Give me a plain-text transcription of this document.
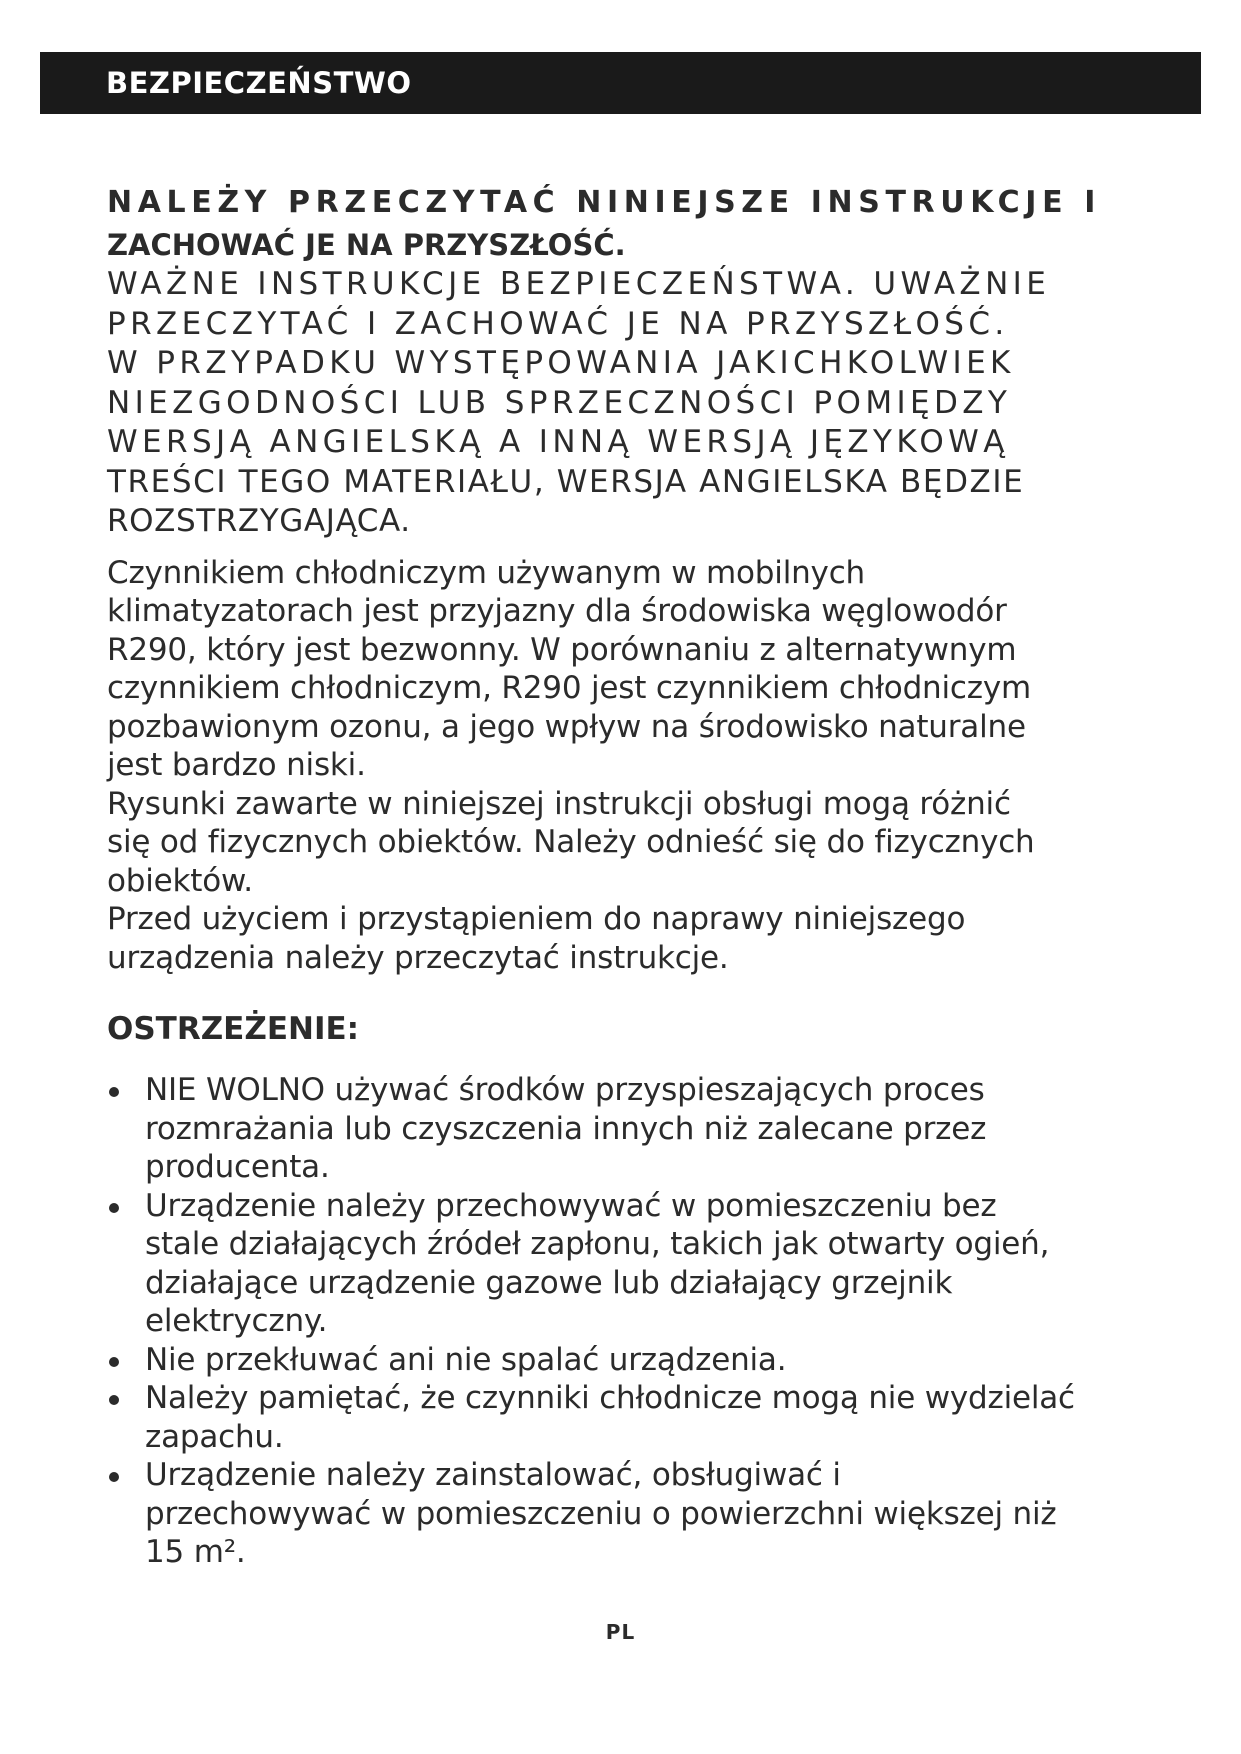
BEZPIECZEŃSTWO

NALEŻY PRZECZYTAĆ NINIEJSZE INSTRUKCJE I

ZACHOWAĆ JE NA PRZYSZŁOŚĆ.

WAŻNE INSTRUKCJE BEZPIECZEŃSTWA. UWAŻNIE
PRZECZYTAĆ I ZACHOWAĆ JE NA PRZYSZŁOŚĆ.
W PRZYPADKU WYSTĘPOWANIA JAKICHKOLWIEK
NIEZGODNOŚCI LUB SPRZECZNOŚCI POMIĘDZY
WERSJĄ ANGIELSKĄ A INNĄ WERSJĄ JĘZYKOWĄ
TREŚCI TEGO MATERIAŁU, WERSJA ANGIELSKA BĘDZIE
ROZSTRZYGAJĄCA.
Czynnikiem chłodniczym używanym w mobilnych
klimatyzatorach jest przyjazny dla środowiska węglowodór
R290, który jest bezwonny. W porównaniu z alternatywnym
czynnikiem chłodniczym, R290 jest czynnikiem chłodniczym
pozbawionym ozonu, a jego wpływ na środowisko naturalne
jest bardzo niski.
Rysunki zawarte w niniejszej instrukcji obsługi mogą różnić
się od fizycznych obiektów. Należy odnieść się do fizycznych
obiektów.
Przed użyciem i przystąpieniem do naprawy niniejszego
urządzenia należy przeczytać instrukcje.

OSTRZEŻENIE:

NIE WOLNO używać środków przyspieszających proces
rozmrażania lub czyszczenia innych niż zalecane przez
producenta.
Urządzenie należy przechowywać w pomieszczeniu bez
stale działających źródeł zapłonu, takich jak otwarty ogień,
działające urządzenie gazowe lub działający grzejnik
elektryczny.
Nie przekłuwać ani nie spalać urządzenia.
Należy pamiętać, że czynniki chłodnicze mogą nie wydzielać
zapachu.
Urządzenie należy zainstalować, obsługiwać i
przechowywać w pomieszczeniu o powierzchni większej niż
15 m².
PL
